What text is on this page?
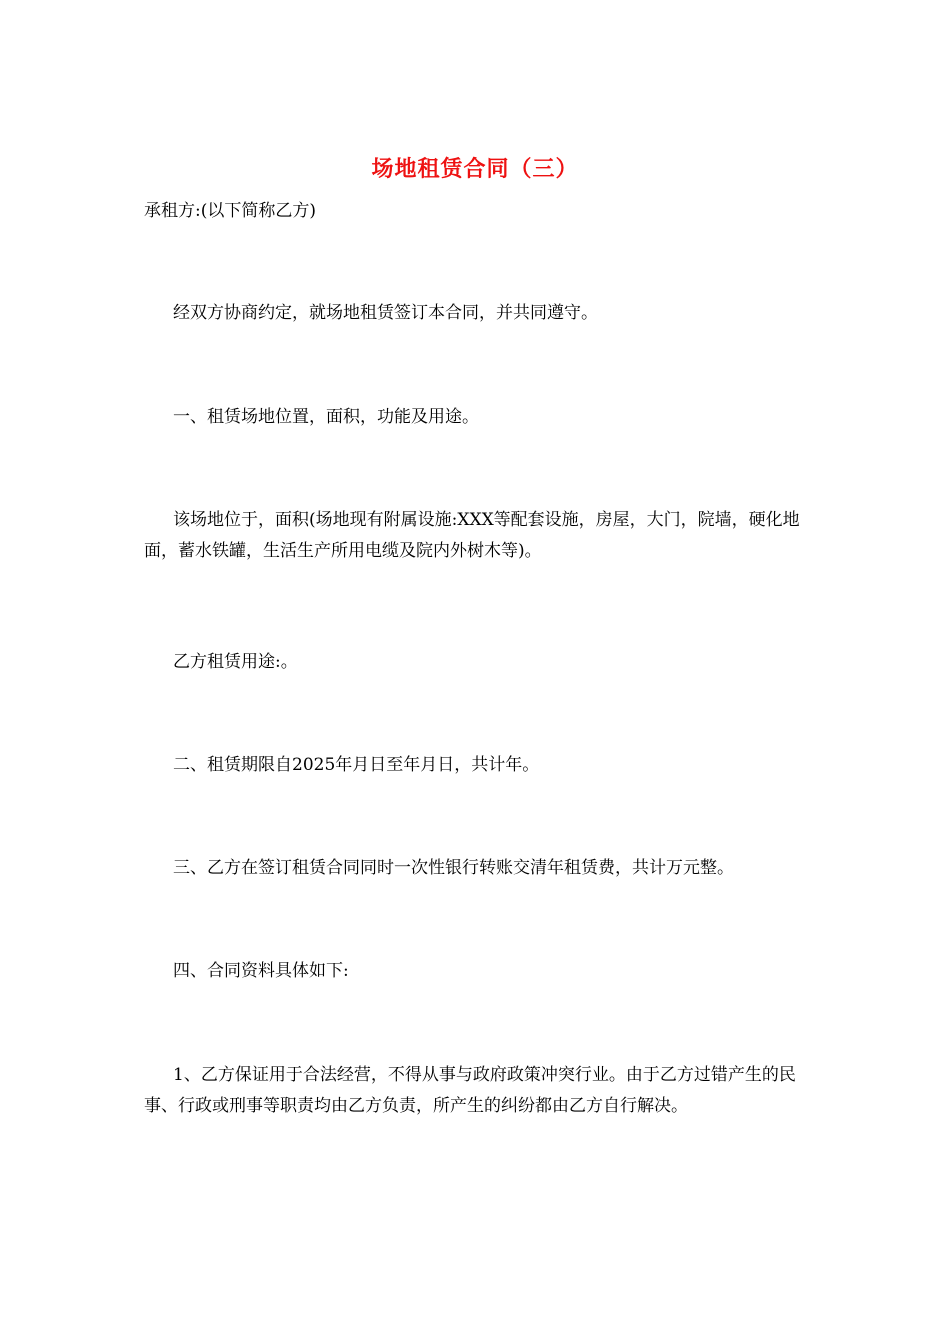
场地租赁合同（三）

承租方:(以下简称乙方)

经双方协商约定，就场地租赁签订本合同，并共同遵守。

一、租赁场地位置，面积，功能及用途。

该场地位于，面积(场地现有附属设施:XXX等配套设施，房屋，大门，院墙，硬化地面，蓄水铁罐，生活生产所用电缆及院内外树木等)。

乙方租赁用途:。

二、租赁期限自2025年月日至年月日，共计年。

三、乙方在签订租赁合同同时一次性银行转账交清年租赁费，共计万元整。

四、合同资料具体如下:

1、乙方保证用于合法经营，不得从事与政府政策冲突行业。由于乙方过错产生的民事、行政或刑事等职责均由乙方负责，所产生的纠纷都由乙方自行解决。
